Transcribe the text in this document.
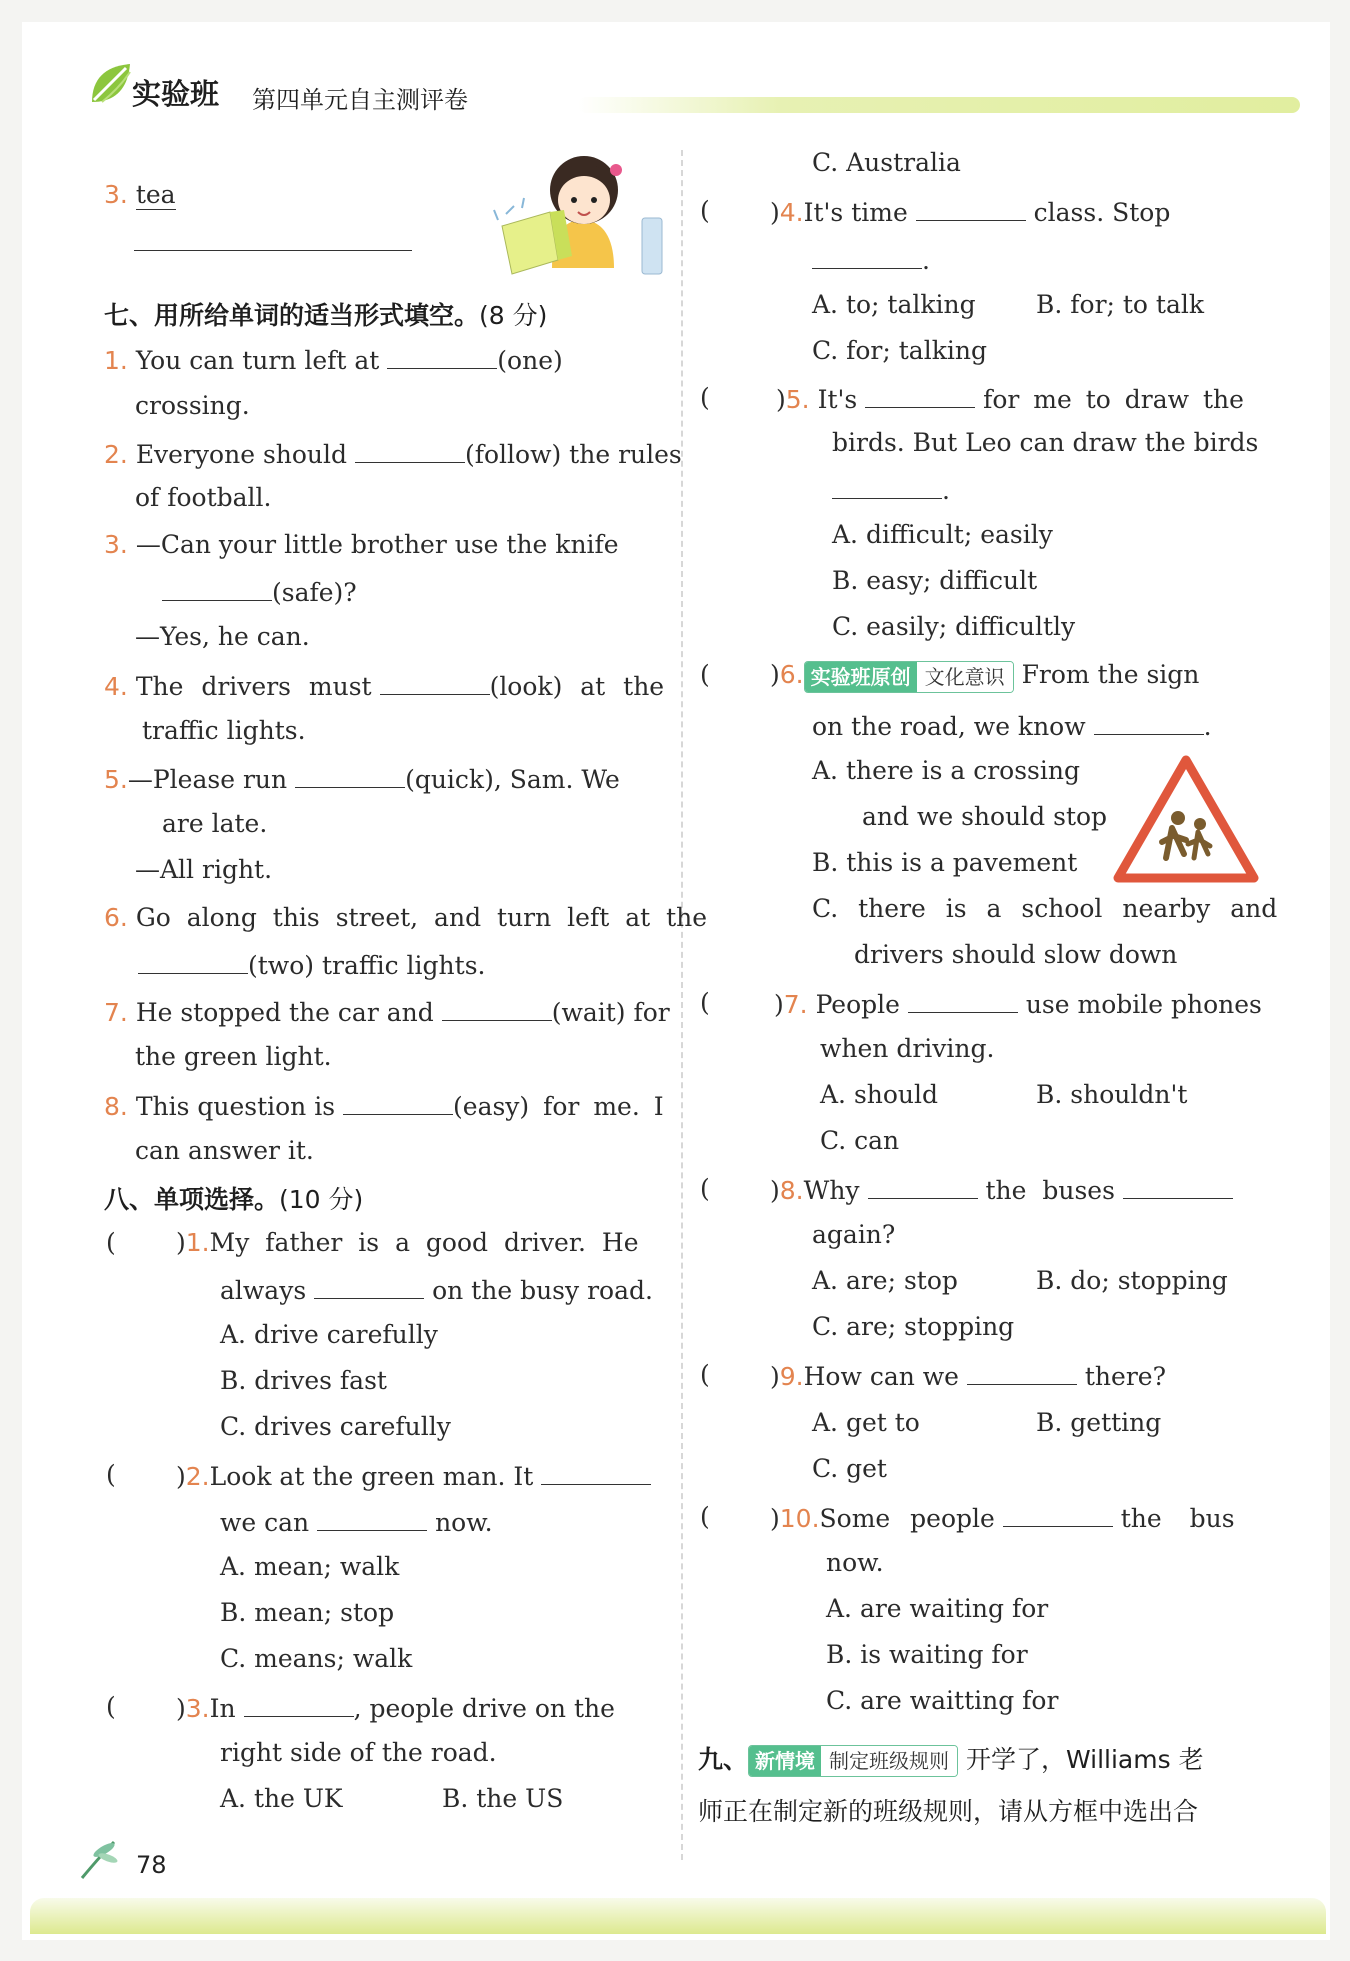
实验班 第四单元自主测评卷
3. tea
七、用所给单词的适当形式填空。(8 分)
1. You can turn left at	(one)
crossing.
2. Everyone should	(follow) the rules
of football.
3. —Can your little brother use the knife
(safe)?
—Yes, he can.
4. The drivers must	(look) at the
traffic lights.
5.—Please run	(quick), Sam. We
are late.
—All right.
6. Go along this street, and turn left at the
(two) traffic lights.
7. He stopped the car and	(wait) for
the green light.
8. This question is	(easy) for me. I
can answer it.
八、单项选择。(10 分)
( )1.My father is a good driver. He
always	on the busy road.
A. drive carefully
B. drives fast
C. drives carefully
( )2.Look at the green man. It
we can	now.
A. mean; walk
B. mean; stop
C. means; walk
( )3.In	, people drive on the
right side of the road.
A. the UK	B. the US
C. Australia
( )4.It's time	class. Stop
.
A. to; talking B. for; to talk
C. for; talking
(	)5. It's	for me to draw the
birds. But Leo can draw the birds
.
A. difficult; easily
B. easy; difficult
C. easily; difficultly
( )6. 实验班原创 文化意识 From the sign
on the road, we know	.
A. there is a crossing
and we should stop
B. this is a pavement
C. there is a school nearby and
drivers should slow down
(	)7. People	use mobile phones
when driving.
A. should	B. shouldn't
C. can
( )8.Why	the buses
again?
A. are; stop	B. do; stopping
C. are; stopping
( )9.How can we	there?
A. get to	B. getting
C. get
( )10.Some people	the bus
now.
A. are waiting for
B. is waiting for
C. are waitting for
九、 新情境 制定班级规则 开学了，Williams 老
师正在制定新的班级规则，请从方框中选出合
78
